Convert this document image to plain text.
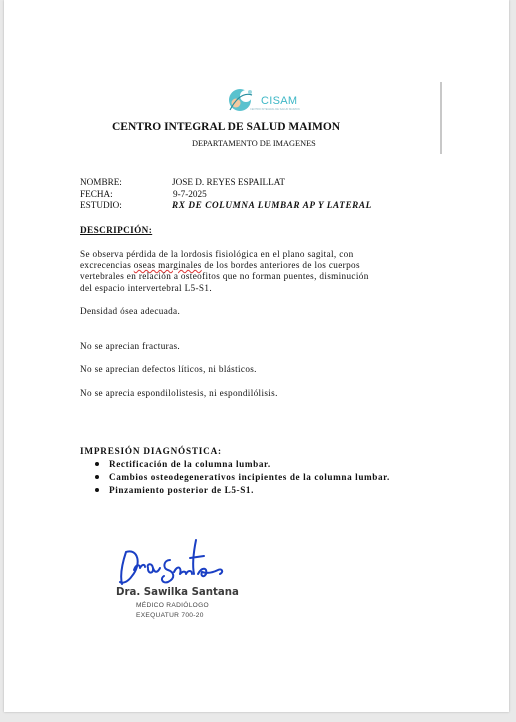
CISAM
CENTRO INTEGRAL DE SALUD MAIMON
CENTRO INTEGRAL DE SALUD MAIMON
DEPARTAMENTO DE IMAGENES
NOMBRE:	JOSE D. REYES ESPAILLAT
FECHA:	9-7-2025
ESTUDIO:	RX DE COLUMNA LUMBAR AP Y LATERAL
DESCRIPCIÓN:
Se observa pérdida de la lordosis fisiológica en el plano sagital, con
excrecencias oseas marginales de los bordes anteriores de los cuerpos
vertebrales en relación a osteofitos que no forman puentes, disminución
del espacio intervertebral L5-S1.
Densidad ósea adecuada.
No se aprecian fracturas.
No se aprecian defectos líticos, ni blásticos.
No se aprecia espondilolistesis, ni espondilólisis.
IMPRESIÓN DIAGNÓSTICA:
Rectificación de la columna lumbar.
Cambios osteodegenerativos incipientes de la columna lumbar.
Pinzamiento posterior de L5-S1.
Dra. Sawilka Santana
MÉDICO RADIÓLOGO
EXEQUATUR 700-20
